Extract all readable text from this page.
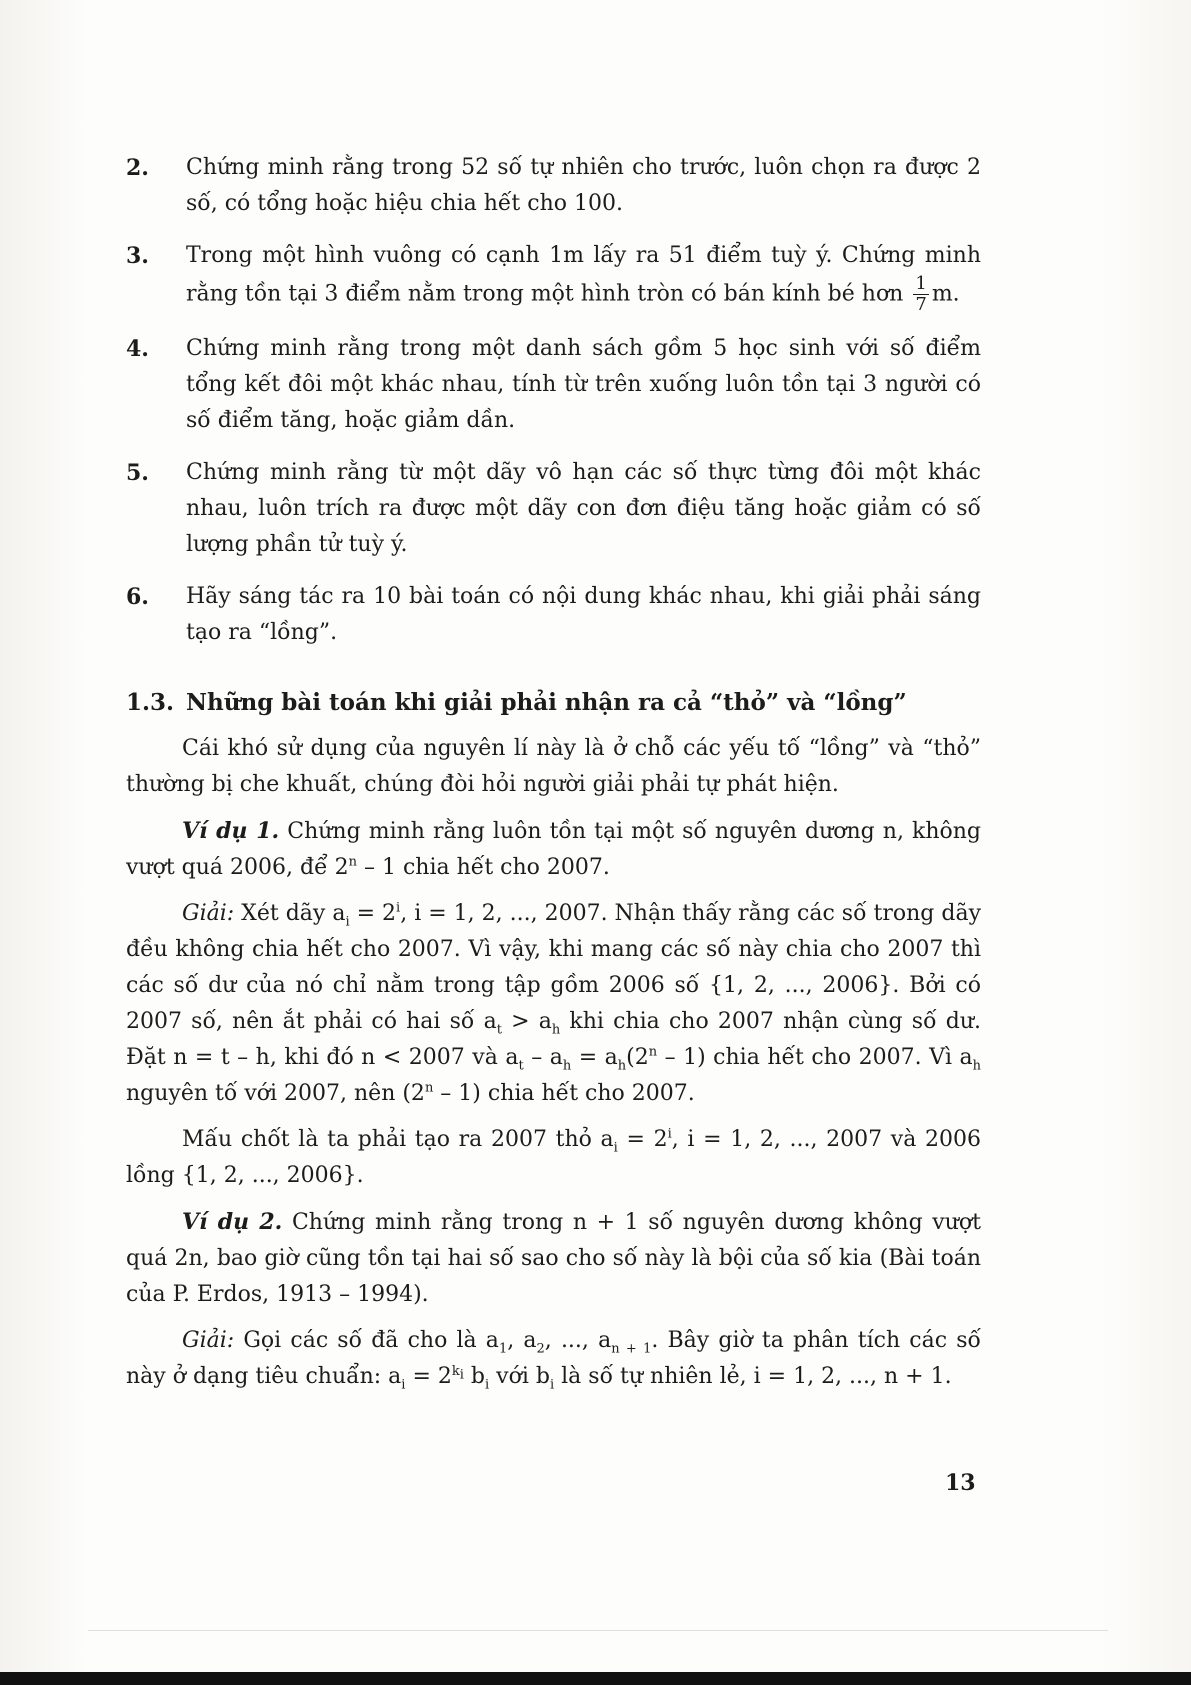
2. Chứng minh rằng trong 52 số tự nhiên cho trước, luôn chọn ra được 2 số, có tổng hoặc hiệu chia hết cho 100.
3. Trong một hình vuông có cạnh 1m lấy ra 51 điểm tuỳ ý. Chứng minh rằng tồn tại 3 điểm nằm trong một hình tròn có bán kính bé hơn $\frac{1}{7} m$.
4. Chứng minh rằng trong một danh sách gồm 5 học sinh với số điểm tổng kết đôi một khác nhau, tính từ trên xuống luôn tồn tại 3 người có số điểm tăng, hoặc giảm dần.
5. Chứng minh rằng từ một dãy vô hạn các số thực từng đôi một khác nhau, luôn trích ra được một dãy con đơn điệu tăng hoặc giảm có số lượng phần tử tuỳ ý.
6. Hãy sáng tác ra 10 bài toán có nội dung khác nhau, khi giải phải sáng tạo ra “lồng”.
1.3. Những bài toán khi giải phải nhận ra cả “thỏ” và “lồng”

Cái khó sử dụng của nguyên lí này là ở chỗ các yếu tố “lồng” và “thỏ” thường bị che khuất, chúng đòi hỏi người giải phải tự phát hiện.

Ví dụ 1. Chứng minh rằng luôn tồn tại một số nguyên dương n, không vượt quá 2006, để 2$^n$ – 1 chia hết cho 2007.

Giải: Xét dãy $a_i = 2^i$, i = 1, 2, ..., 2007. Nhận thấy rằng các số trong dãy đều không chia hết cho 2007. Vì vậy, khi mang các số này chia cho 2007 thì các số dư của nó chỉ nằm trong tập gồm 2006 số {1, 2, ..., 2006}. Bởi có 2007 số, nên ắt phải có hai số $a_t > a_h$ khi chia cho 2007 nhận cùng số dư. Đặt n = t – h, khi đó n < 2007 và $a_t - a_h = a_h(2^n - 1)$ chia hết cho 2007. Vì $a_h$ nguyên tố với 2007, nên (2$^n$ – 1) chia hết cho 2007.

Mấu chốt là ta phải tạo ra 2007 thỏ $a_i = 2^i$, i = 1, 2, ..., 2007 và 2006 lồng {1, 2, ..., 2006}.

Ví dụ 2. Chứng minh rằng trong n + 1 số nguyên dương không vượt quá 2n, bao giờ cũng tồn tại hai số sao cho số này là bội của số kia (Bài toán của P. Erdos, 1913 – 1994).

Giải: Gọi các số đã cho là $a_1$, $a_2$, ..., $a_{n + 1}$. Bây giờ ta phân tích các số này ở dạng tiêu chuẩn: $a_i = 2^{k_i}$ $b_i$ với $b_i$ là số tự nhiên lẻ, i = 1, 2, ..., n + 1.

13
